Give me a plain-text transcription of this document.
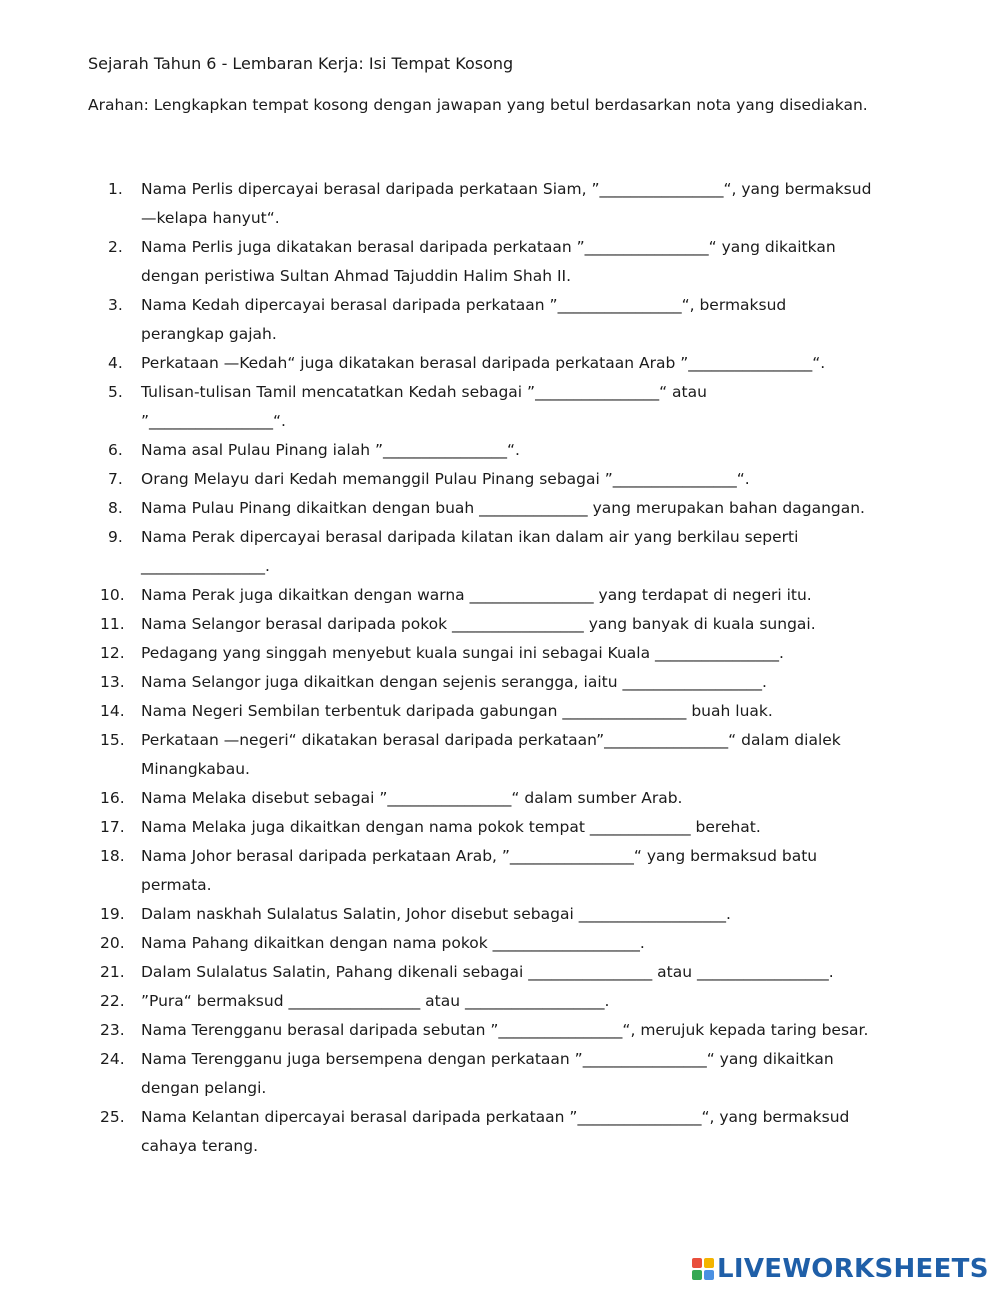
Sejarah Tahun 6 - Lembaran Kerja: Isi Tempat Kosong
Arahan: Lengkapkan tempat kosong dengan jawapan yang betul berdasarkan nota yang disediakan.
1. Nama Perlis dipercayai berasal daripada perkataan Siam, ”________________“, yang bermaksud
—kelapa hanyut“.
2. Nama Perlis juga dikatakan berasal daripada perkataan ”________________“ yang dikaitkan
dengan peristiwa Sultan Ahmad Tajuddin Halim Shah II.
3. Nama Kedah dipercayai berasal daripada perkataan ”________________“, bermaksud
perangkap gajah.
4. Perkataan —Kedah“ juga dikatakan berasal daripada perkataan Arab ”________________“.
5. Tulisan-tulisan Tamil mencatatkan Kedah sebagai ”________________“ atau
”________________“.
6. Nama asal Pulau Pinang ialah ”________________“.
7. Orang Melayu dari Kedah memanggil Pulau Pinang sebagai ”________________“.
8. Nama Pulau Pinang dikaitkan dengan buah ______________ yang merupakan bahan dagangan.
9. Nama Perak dipercayai berasal daripada kilatan ikan dalam air yang berkilau seperti
________________.
10. Nama Perak juga dikaitkan dengan warna ________________ yang terdapat di negeri itu.
11. Nama Selangor berasal daripada pokok _________________ yang banyak di kuala sungai.
12. Pedagang yang singgah menyebut kuala sungai ini sebagai Kuala ________________.
13. Nama Selangor juga dikaitkan dengan sejenis serangga, iaitu __________________.
14. Nama Negeri Sembilan terbentuk daripada gabungan ________________ buah luak.
15. Perkataan —negeri“ dikatakan berasal daripada perkataan”________________“ dalam dialek
Minangkabau.
16. Nama Melaka disebut sebagai ”________________“ dalam sumber Arab.
17. Nama Melaka juga dikaitkan dengan nama pokok tempat _____________ berehat.
18. Nama Johor berasal daripada perkataan Arab, ”________________“ yang bermaksud batu
permata.
19. Dalam naskhah Sulalatus Salatin, Johor disebut sebagai ___________________.
20. Nama Pahang dikaitkan dengan nama pokok ___________________.
21. Dalam Sulalatus Salatin, Pahang dikenali sebagai ________________ atau _________________.
22. ”Pura“ bermaksud _________________ atau __________________.
23. Nama Terengganu berasal daripada sebutan ”________________“, merujuk kepada taring besar.
24. Nama Terengganu juga bersempena dengan perkataan ”________________“ yang dikaitkan
dengan pelangi.
25. Nama Kelantan dipercayai berasal daripada perkataan ”________________“, yang bermaksud
cahaya terang.
LIVEWORKSHEETS
